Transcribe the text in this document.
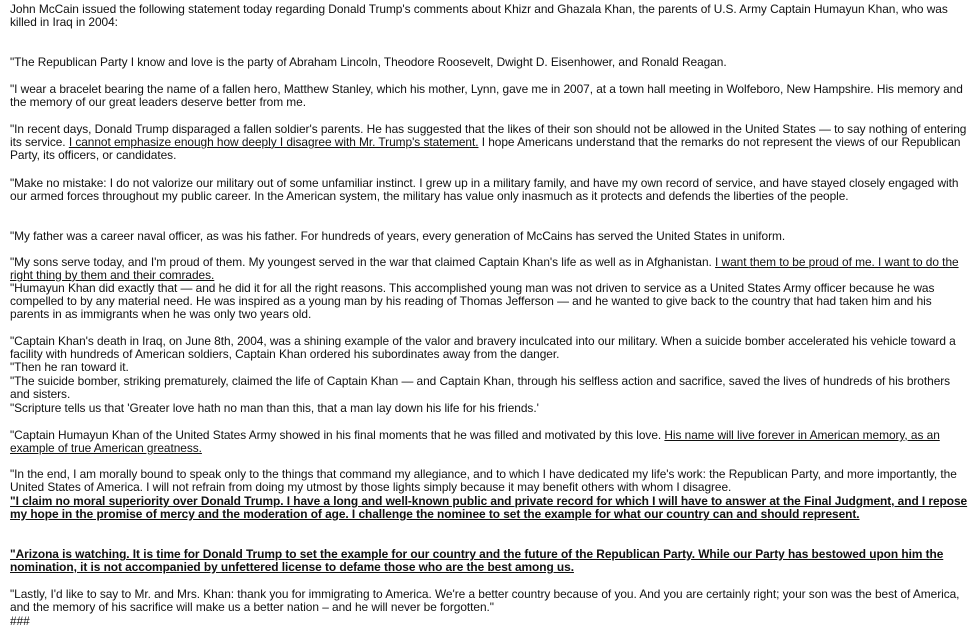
John McCain issued the following statement today regarding Donald Trump's comments about Khizr and Ghazala Khan, the parents of U.S. Army Captain Humayun Khan, who was killed in Iraq in 2004:

"The Republican Party I know and love is the party of Abraham Lincoln, Theodore Roosevelt, Dwight D. Eisenhower, and Ronald Reagan.

"I wear a bracelet bearing the name of a fallen hero, Matthew Stanley, which his mother, Lynn, gave me in 2007, at a town hall meeting in Wolfeboro, New Hampshire. His memory and the memory of our great leaders deserve better from me.

"In recent days, Donald Trump disparaged a fallen soldier's parents. He has suggested that the likes of their son should not be allowed in the United States — to say nothing of entering its service. I cannot emphasize enough how deeply I disagree with Mr. Trump's statement. I hope Americans understand that the remarks do not represent the views of our Republican Party, its officers, or candidates.

"Make no mistake: I do not valorize our military out of some unfamiliar instinct. I grew up in a military family, and have my own record of service, and have stayed closely engaged with our armed forces throughout my public career. In the American system, the military has value only inasmuch as it protects and defends the liberties of the people.

"My father was a career naval officer, as was his father. For hundreds of years, every generation of McCains has served the United States in uniform.

"My sons serve today, and I'm proud of them. My youngest served in the war that claimed Captain Khan's life as well as in Afghanistan. I want them to be proud of me. I want to do the right thing by them and their comrades.

"Humayun Khan did exactly that — and he did it for all the right reasons. This accomplished young man was not driven to service as a United States Army officer because he was compelled to by any material need. He was inspired as a young man by his reading of Thomas Jefferson — and he wanted to give back to the country that had taken him and his parents in as immigrants when he was only two years old.

"Captain Khan's death in Iraq, on June 8th, 2004, was a shining example of the valor and bravery inculcated into our military. When a suicide bomber accelerated his vehicle toward a facility with hundreds of American soldiers, Captain Khan ordered his subordinates away from the danger.

"Then he ran toward it.

"The suicide bomber, striking prematurely, claimed the life of Captain Khan — and Captain Khan, through his selfless action and sacrifice, saved the lives of hundreds of his brothers and sisters.

"Scripture tells us that 'Greater love hath no man than this, that a man lay down his life for his friends.'

"Captain Humayun Khan of the United States Army showed in his final moments that he was filled and motivated by this love. His name will live forever in American memory, as an example of true American greatness.

"In the end, I am morally bound to speak only to the things that command my allegiance, and to which I have dedicated my life's work: the Republican Party, and more importantly, the United States of America. I will not refrain from doing my utmost by those lights simply because it may benefit others with whom I disagree.

"I claim no moral superiority over Donald Trump. I have a long and well-known public and private record for which I will have to answer at the Final Judgment, and I repose my hope in the promise of mercy and the moderation of age. I challenge the nominee to set the example for what our country can and should represent.

"Arizona is watching. It is time for Donald Trump to set the example for our country and the future of the Republican Party. While our Party has bestowed upon him the nomination, it is not accompanied by unfettered license to defame those who are the best among us.

"Lastly, I'd like to say to Mr. and Mrs. Khan: thank you for immigrating to America. We're a better country because of you. And you are certainly right; your son was the best of America, and the memory of his sacrifice will make us a better nation – and he will never be forgotten."

###
